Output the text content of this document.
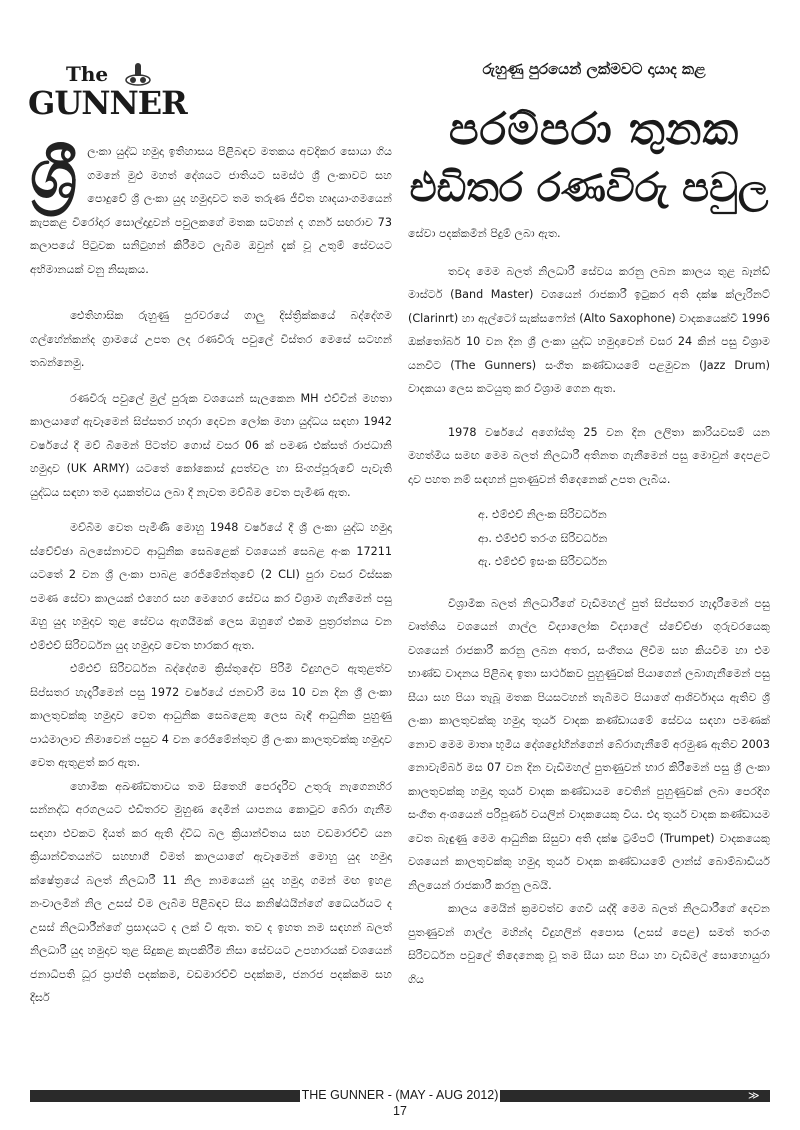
The
GUNNER
රුහුණු පුරයෙන් ලක්මවට දායාද කළ
පරම්පරා තුනක
එඩිතර රණවිරු පවුල
ශ්‍රී ලංකා යුද්ධ හමුදා ඉතිහාසය පිළිබඳව මතකය අවදිකර සොයා ගිය ගමනේ මුළු මහත් දේශයට ජාතියට සමස්ථ ශ්‍රී ලංකාවට සහ පොදුවේ ශ්‍රී ලංකා යුද හමුදාවට තම තරුණ ජීවිත හෘදයාංගමයෙන් කැපකළ විරෝදාර සොල්දාදුවන් පවුලකගේ මතක සටහන් ද ගනර් සඟරාව 73 කලාපයේ පිටුවක සනිටුහන් කිරීමට ලැබීම ඔවුන් දැක් වූ උතුම් සේවයට අභිමානයක් වනු නිසැකය.

ඓතිහාසික රුහුණු පුරවරයේ ගාලු දිස්ත්‍රික්කයේ බද්දේගම ගල්හේන්කන්ද ග්‍රාමයේ උපත ලද රණවිරු පවුලේ විස්තර මෙසේ සටහන් තබන්නෙමු.

රණවිරු පවුලේ මුල් පුරුක වශයෙන් සැලකෙන MH එච්චින් මහතා කාලයාගේ ඇවෑමෙන් සිප්සතර හදාරා දෙවන ලෝක මහා යුද්ධය සඳහා 1942 වර්ෂයේ දී මව් බිමෙන් පිටත්ව ගොස් වසර 06 ක් පමණ එක්සත් රාජධානි හමුදාව (UK ARMY) යටතේ කෝකොස් දූපත්වල හා සිංගප්පූරුවේ පැවැති යුද්ධය සඳහා තම දායකත්වය ලබා දී නැවත මව්බිම වෙත පැමිණ ඇත.

මව්බිම වෙත පැමිණි මොහු 1948 වර්ෂයේ දී ශ්‍රී ලංකා යුද්ධ හමුදා ස්වේච්ඡා බලසේනාවට ආධුනික සෙබළෙක් වශයෙන් සෙබළ අංක 17211 යටතේ 2 වන ශ්‍රී ලංකා පාබළ රෙජිමේන්තුවේ (2 CLI) පුරා වසර විස්සක පමණ සේවා කාලයක් එහෙර සහ මෙහෙර සේවය කර විශ්‍රාම ගැනීමෙන් පසු ඔහු යුද හමුදාව තුළ සේවය ඇගයීමක් ලෙස ඔහුගේ එකම පුත්‍රරත්නය වන එම්එච් සිරිවර්ධන යුද හමුදාව වෙත භාරකර ඇත.

එම්එච් සිරිවර්ධන බද්දේගම ක්‍රිස්තුදේව පිරිමි විදුහලට ඇතුළත්ව සිප්සතර හැදෑරීමෙන් පසු 1972 වර්ෂයේ ජනවාරි මස 10 වන දින ශ්‍රී ලංකා කාලතුවක්කු හමුදාව වෙත ආධුනික සෙබළෙකු ලෙස බැඳී ආධුනික පුහුණු පාඨමාලාව නිමාවෙන් පසුව 4 වන රෙජිමේන්තුව ශ්‍රී ලංකා කාලතුවක්කු හමුදාව වෙත ඇතුළත් කර ඇත.

හොමික අඛණ්ඩතාවය තම සිතෙහි පෙරදැරිව උතුරු නැගෙනහිර සන්නද්ධ අරගලයට එඩිතරව මුහුණ දෙමින් යාපනය කොටුව බේරා ගැනීම සඳහා එවකට දියත් කර ඇති ද්විධ බල ක්‍රියාන්විතය සහ වඩමාරච්චි යන ක්‍රියාන්විතයන්ට සහභාගී වීමත් කාලයාගේ ඇවෑමෙන් මොහු යුද හමුදා ක්ෂේත්‍රයේ බලත් නිලධාරී 11 නිල නාමයෙන් යුද හමුදා ගමන් මඟ ඉහළ නංවාලමින් නිල උසස් වීම ලැබීම පිළිබඳව සිය කනිෂ්ඨයින්ගේ ධෛර්යයට ද උසස් නිලධාරීන්ගේ ප්‍රසාදයට ද ලක් වී ඇත. තව ද ඉහත නම සඳහන් බලත් නිලධාරී යුද හමුදාව තුළ සිදුකළ කැපකිරීම නිසා සේවයට උපහාරයක් වශයෙන් ජනාධිපති ධූර ප්‍රාප්ති පදක්කම, වඩමාරච්චි පදක්කම, ජනරජ පදක්කම සහ දීර්ඝ

සේවා පදක්කමින් පිදුම් ලබා ඇත.

තවද මෙම බලත් නිලධාරී සේවය කරනු ලබන කාලය තුළ බෑන්ඩ් මාස්ටර් (Band Master) වශයෙන් රාජකාරී ඉටුකර අති දක්ෂ ක්ලැරිනට් (Clarinrt) හා ඇල්ටෝ සැක්සෆෝන් (Alto Saxophone) වාදකයෙක්වී 1996 ඔක්තෝබර් 10 වන දින ශ්‍රී ලංකා යුද්ධ හමුදාවෙන් වසර 24 කින් පසු විශ්‍රාම යනවිට (The Gunners) සංගීත කණ්ඩායමේ පළමුවන (Jazz Drum) වාදකයා ලෙස කටයුතු කර විශ්‍රාම ගෙන ඇත.

1978 වර්ෂයේ අගෝස්තු 25 වන දින ලලිතා කාරියවසම් යන මහත්මිය සමඟ මෙම බලත් නිලධාරී අතිනත ගැනීමෙන් පසු මොවුන් දෙපළට දාව පහත නම් සඳහන් පුතණුවන් තිදෙනෙක් උපත ලැබිය.

අ. එම්එච් නිලංක සිරිවර්ධන
ආ. එම්එච් තරංග සිරිවර්ධන
ඇ. එම්එච් ඉසංක සිරිවර්ධන

විශ්‍රාමික බලත් නිලධාරීගේ වැඩිමහල් පුත් සිප්සතර හැදෑරීමෙන් පසු වෘත්තිය වශයෙන් ගාල්ල විද්‍යාලෝක විද්‍යාලේ ස්වේච්ඡා ගුරුවරයෙකු වශයෙන් රාජකාරී කරනු ලබන අතර, සංගීතය ලිවීම සහ කියවීම හා එම භාණ්ඩ වාදනය පිළිබඳ ඉතා සාර්ථකව පුහුණුවක් පියාගෙන් ලබාගැනීමෙන් පසු සීයා සහ පියා තැබූ මතක පියසටහන් තැබීමට පියාගේ ආශිර්වාදය ඇතිව ශ්‍රී ලංකා කාලතුවක්කු හමුදා තූර්ය වාදක කණ්ඩායමේ සේවය සඳහා පමණක් නොව මෙම මාතෘ භූමිය දේශද්‍රෝහීන්ගෙන් බේරාගැනීමේ අරමුණ ඇතිව 2003 නොවැම්බර් මස 07 වන දින වැඩිමහල් පුතණුවන් භාර කිරීමෙන් පසු ශ්‍රී ලංකා කාලතුවක්කු හමුදා තූර්ය වාදක කණ්ඩායම වෙතින් පුහුණුවක් ලබා පෙරදිග සංගීත අංශයෙන් පරිපූර්ණ වයලින් වාදකයෙකු විය. එදා තූර්ය වාදක කණ්ඩායම වෙත බැඳුණු මෙම ආධුනික සිසුවා අති දක්ෂ ට්‍රම්පට් (Trumpet) වාදකයෙකු වශයෙන් කාලතුවක්කු හමුදා තූර්ය වාදක කණ්ඩායමේ ලාන්ස් බොම්බාඩියර් නිලයෙන් රාජකාරී කරනු ලබයි.

කාලය මෙයින් ක්‍රමවත්ව ගෙවී යද්දී මෙම බලත් නිලධාරීගේ දෙවන පුතණුවන් ගාල්ල මහින්ද විදුහලින් අපොස (උසස් පෙළ) සමත් තරංග සිරිවර්ධන පවුලේ තිදෙනෙකු වූ තම සීයා සහ පියා හා වැඩිමල් සොහොයුරා ගිය

THE GUNNER - (MAY - AUG 2012)	≫
17
